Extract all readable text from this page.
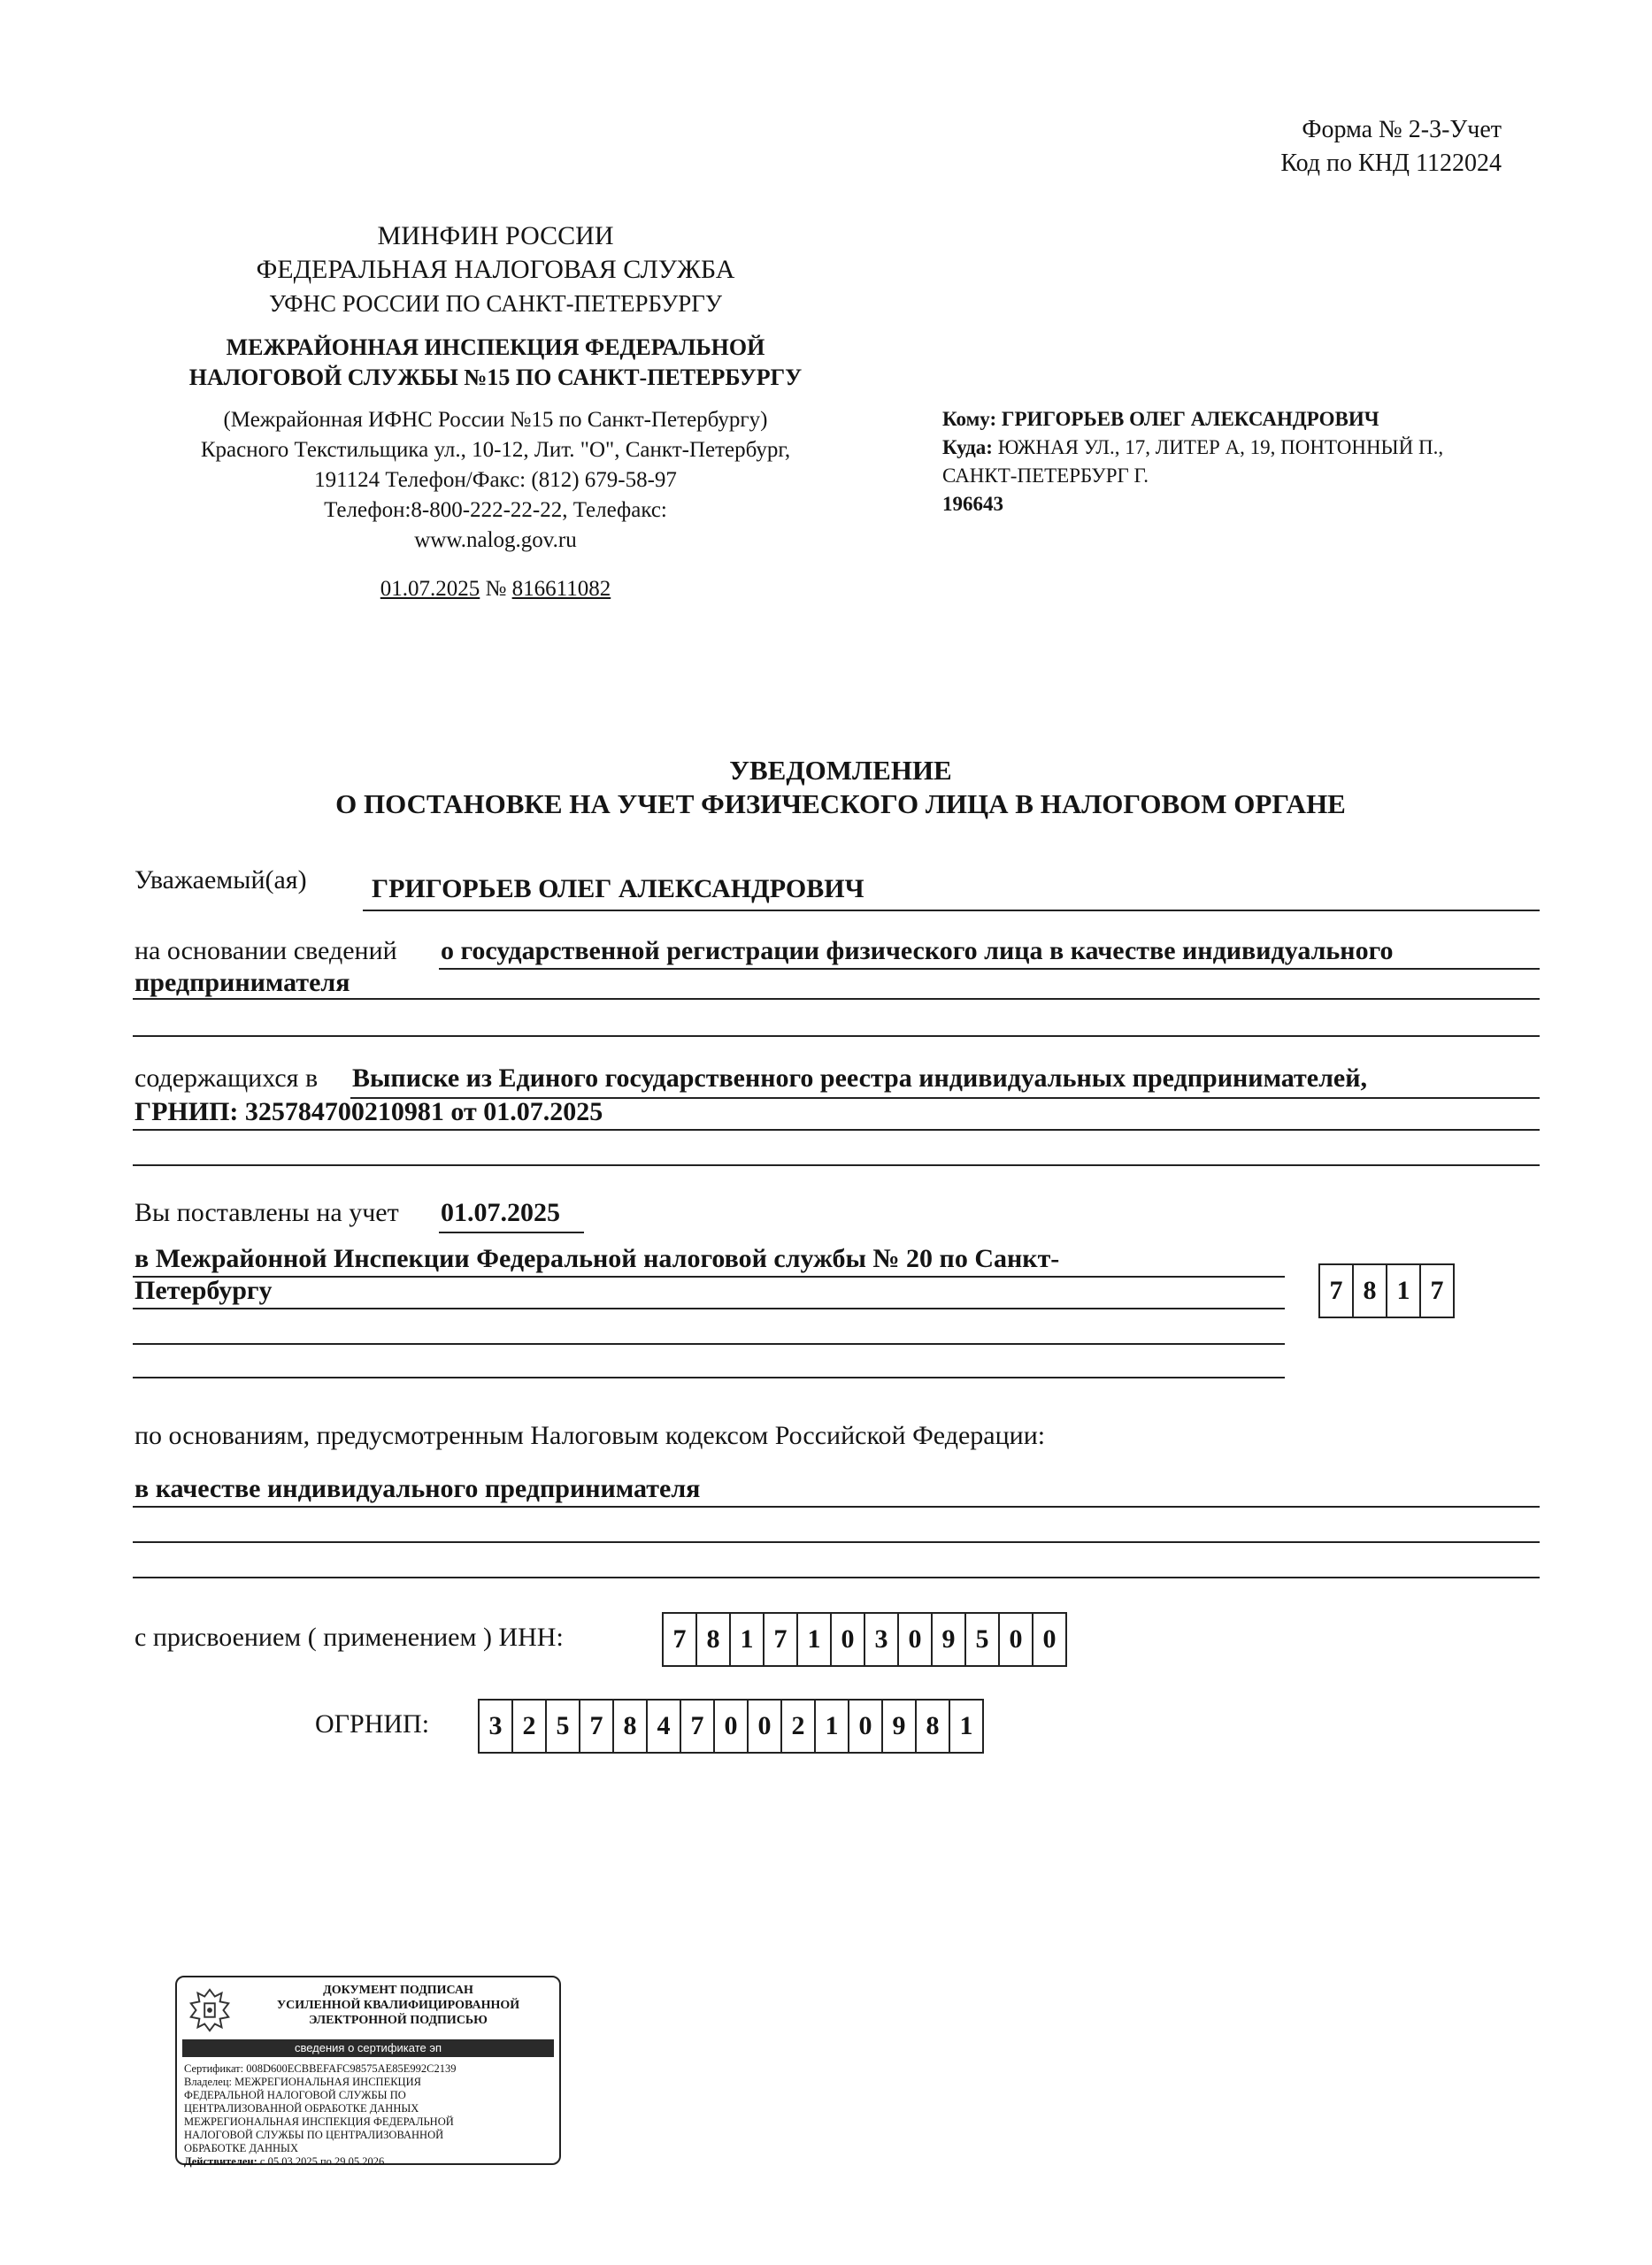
Форма № 2-3-Учет
Код по КНД 1122024
МИНФИН РОССИИ
ФЕДЕРАЛЬНАЯ НАЛОГОВАЯ СЛУЖБА
УФНС РОССИИ ПО САНКТ-ПЕТЕРБУРГУ
МЕЖРАЙОННАЯ ИНСПЕКЦИЯ ФЕДЕРАЛЬНОЙ
НАЛОГОВОЙ СЛУЖБЫ №15 ПО САНКТ-ПЕТЕРБУРГУ
(Межрайонная ИФНС России №15 по Санкт-Петербургу)
Красного Текстильщика ул., 10-12, Лит. "О", Санкт-Петербург,
191124 Телефон/Факс: (812) 679-58-97
Телефон:8-800-222-22-22, Телефакс:
www.nalog.gov.ru
01.07.2025 № 816611082
Кому: ГРИГОРЬЕВ ОЛЕГ АЛЕКСАНДРОВИЧ
Куда: ЮЖНАЯ УЛ., 17, ЛИТЕР А, 19, ПОНТОННЫЙ П.,
САНКТ-ПЕТЕРБУРГ Г.
196643
УВЕДОМЛЕНИЕ
О ПОСТАНОВКЕ НА УЧЕТ ФИЗИЧЕСКОГО ЛИЦА В НАЛОГОВОМ ОРГАНЕ
Уважаемый(ая) ГРИГОРЬЕВ ОЛЕГ АЛЕКСАНДРОВИЧ
на основании сведений о государственной регистрации физического лица в качестве индивидуального
предпринимателя
содержащихся в Выписке из Единого государственного реестра индивидуальных предпринимателей,
ГРНИП: 325784700210981 от 01.07.2025
Вы поставлены на учет 01.07.2025
в Межрайонной Инспекции Федеральной налоговой службы № 20 по Санкт-
Петербургу	7 8 1 7
по основаниям, предусмотренным Налоговым кодексом Российской Федерации:
в качестве индивидуального предпринимателя
с присвоением ( применением ) ИНН:	7 8 1 7 1 0 3 0 9 5 0 0
ОГРНИП:	3 2 5 7 8 4 7 0 0 2 1 0 9 8 1
ДОКУМЕНТ ПОДПИСАН
УСИЛЕННОЙ КВАЛИФИЦИРОВАННОЙ
ЭЛЕКТРОННОЙ ПОДПИСЬЮ
сведения о сертификате эп
Сертификат: 008D600ECBBEFAFC98575AE85E992C2139
Владелец: МЕЖРЕГИОНАЛЬНАЯ ИНСПЕКЦИЯ
ФЕДЕРАЛЬНОЙ НАЛОГОВОЙ СЛУЖБЫ ПО
ЦЕНТРАЛИЗОВАННОЙ ОБРАБОТКЕ ДАННЫХ
МЕЖРЕГИОНАЛЬНАЯ ИНСПЕКЦИЯ ФЕДЕРАЛЬНОЙ
НАЛОГОВОЙ СЛУЖБЫ ПО ЦЕНТРАЛИЗОВАННОЙ
ОБРАБОТКЕ ДАННЫХ
Действителен: с 05.03.2025 по 29.05.2026
